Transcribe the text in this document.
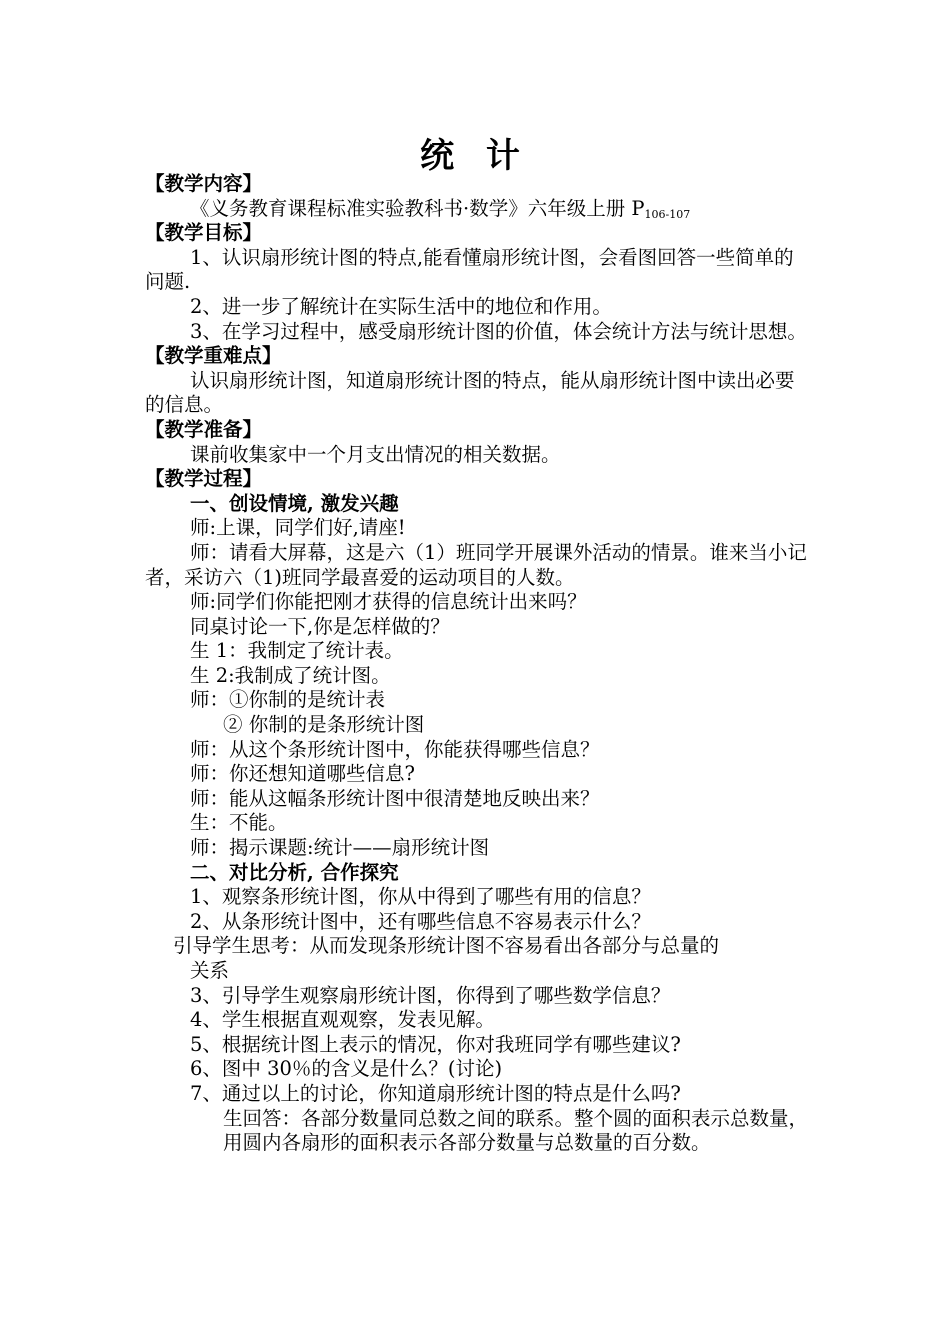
统 计
【教学内容】
《义务教育课程标准实验教科书·数学》六年级上册 $P_{106-107}$
【教学目标】
1、认识扇形统计图的特点,能看懂扇形统计图，会看图回答一些简单的问题.
2、进一步了解统计在实际生活中的地位和作用。
3、在学习过程中，感受扇形统计图的价值，体会统计方法与统计思想。
【教学重难点】
认识扇形统计图，知道扇形统计图的特点，能从扇形统计图中读出必要的信息。
【教学准备】
课前收集家中一个月支出情况的相关数据。
【教学过程】
一、创设情境, 激发兴趣
师:上课，同学们好,请座!
师：请看大屏幕，这是六（1）班同学开展课外活动的情景。谁来当小记者，采访六（1)班同学最喜爱的运动项目的人数。
师:同学们你能把刚才获得的信息统计出来吗？
同桌讨论一下,你是怎样做的？
生 1：我制定了统计表。
生 2:我制成了统计图。
师：①你制的是统计表
② 你制的是条形统计图
师：从这个条形统计图中，你能获得哪些信息？
师：你还想知道哪些信息?
师：能从这幅条形统计图中很清楚地反映出来？
生：不能。
师：揭示课题:统计——扇形统计图
二、对比分析, 合作探究
1、观察条形统计图，你从中得到了哪些有用的信息？
2、从条形统计图中，还有哪些信息不容易表示什么？
引导学生思考：从而发现条形统计图不容易看出各部分与总量的
关系
3、引导学生观察扇形统计图，你得到了哪些数学信息？
4、学生根据直观观察，发表见解。
5、根据统计图上表示的情况，你对我班同学有哪些建议?
6、图中 30％的含义是什么？(讨论)
7、通过以上的讨论，你知道扇形统计图的特点是什么吗?
生回答：各部分数量同总数之间的联系。整个圆的面积表示总数量，用圆内各扇形的面积表示各部分数量与总数量的百分数。
